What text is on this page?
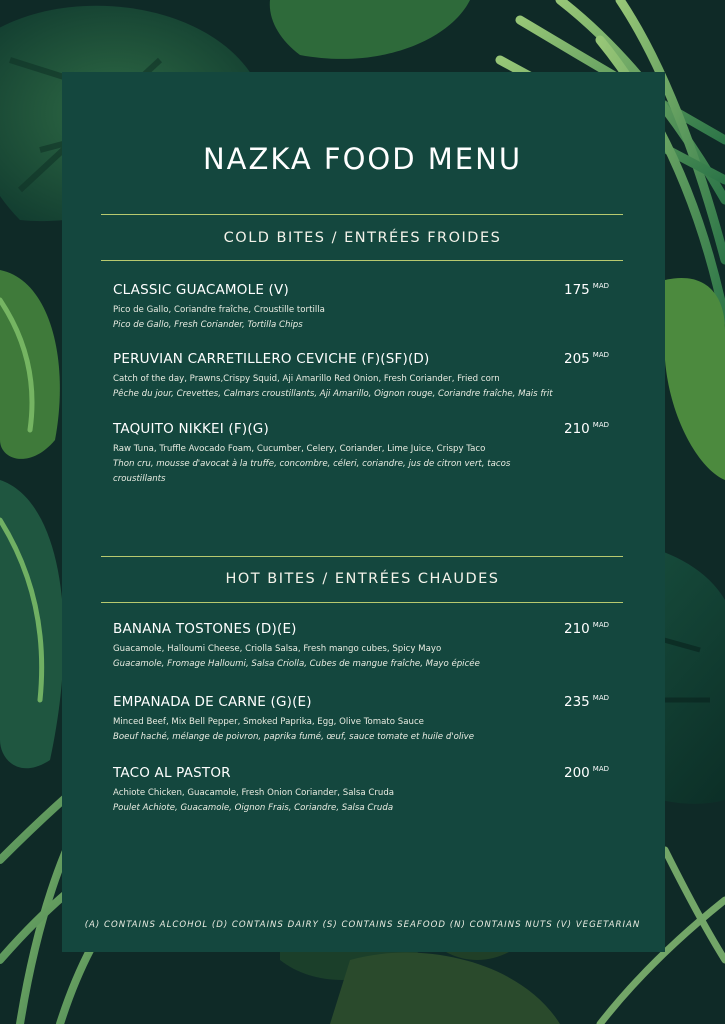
NAZKA FOOD MENU
COLD BITES / ENTRÉES FROIDES
CLASSIC GUACAMOLE (V)	175 $^{MAD}$
Pico de Gallo, Coriandre fraîche, Croustille tortilla
Pico de Gallo, Fresh Coriander, Tortilla Chips
PERUVIAN CARRETILLERO CEVICHE (F)(SF)(D)	205 $^{MAD}$
Catch of the day, Prawns,Crispy Squid, Aji Amarillo Red Onion, Fresh Coriander, Fried corn
Pêche du jour, Crevettes, Calmars croustillants, Aji Amarillo, Oignon rouge, Coriandre fraîche, Mais frit
TAQUITO NIKKEI (F)(G)	210 $^{MAD}$
Raw Tuna, Truffle Avocado Foam, Cucumber, Celery, Coriander, Lime Juice, Crispy Taco
Thon cru, mousse d'avocat à la truffe, concombre, céleri, coriandre, jus de citron vert, tacos croustillants
HOT BITES / ENTRÉES CHAUDES
BANANA TOSTONES (D)(E)	210 $^{MAD}$
Guacamole, Halloumi Cheese, Criolla Salsa, Fresh mango cubes, Spicy Mayo
Guacamole, Fromage Halloumi, Salsa Criolla, Cubes de mangue fraîche, Mayo épicée
EMPANADA DE CARNE (G)(E)	235 $^{MAD}$
Minced Beef, Mix Bell Pepper, Smoked Paprika, Egg, Olive Tomato Sauce
Boeuf haché, mélange de poivron, paprika fumé, œuf, sauce tomate et huile d'olive
TACO AL PASTOR	200 $^{MAD}$
Achiote Chicken, Guacamole, Fresh Onion Coriander, Salsa Cruda
Poulet Achiote, Guacamole, Oignon Frais, Coriandre, Salsa Cruda
(A) CONTAINS ALCOHOL (D) CONTAINS DAIRY (S) CONTAINS SEAFOOD (N) CONTAINS NUTS (V) VEGETARIAN
